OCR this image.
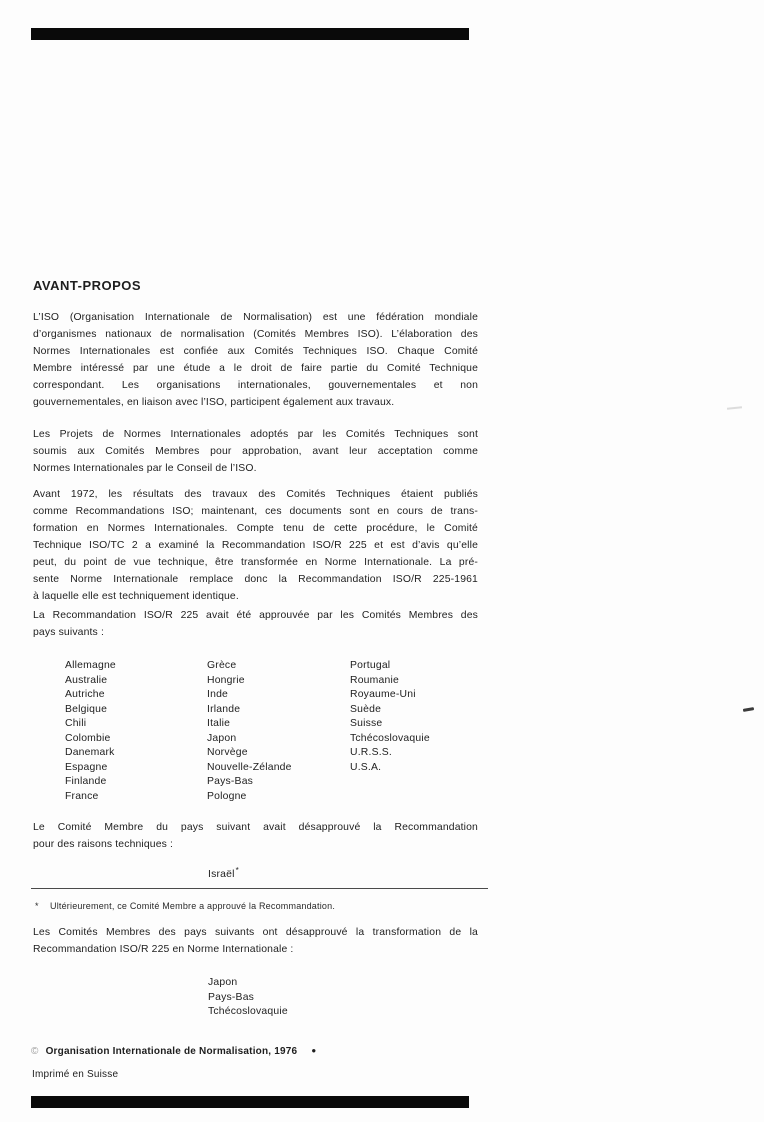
AVANT-PROPOS
L’ISO (Organisation Internationale de Normalisation) est une fédération mondiale
d’organismes nationaux de normalisation (Comités Membres ISO). L’élaboration des
Normes Internationales est confiée aux Comités Techniques ISO. Chaque Comité
Membre intéressé par une étude a le droit de faire partie du Comité Technique
correspondant. Les organisations internationales, gouvernementales et non
gouvernementales, en liaison avec l’ISO, participent également aux travaux.
Les Projets de Normes Internationales adoptés par les Comités Techniques sont
soumis aux Comités Membres pour approbation, avant leur acceptation comme
Normes Internationales par le Conseil de l’ISO.
Avant 1972, les résultats des travaux des Comités Techniques étaient publiés
comme Recommandations ISO; maintenant, ces documents sont en cours de trans-
formation en Normes Internationales. Compte tenu de cette procédure, le Comité
Technique ISO/TC 2 a examiné la Recommandation ISO/R 225 et est d’avis qu’elle
peut, du point de vue technique, être transformée en Norme Internationale. La pré-
sente Norme Internationale remplace donc la Recommandation ISO/R 225-1961
à laquelle elle est techniquement identique.
La Recommandation ISO/R 225 avait été approuvée par les Comités Membres des
pays suivants :
Allemagne
Australie
Autriche
Belgique
Chili
Colombie
Danemark
Espagne
Finlande
France
Grèce
Hongrie
Inde
Irlande
Italie
Japon
Norvège
Nouvelle-Zélande
Pays-Bas
Pologne
Portugal
Roumanie
Royaume-Uni
Suède
Suisse
Tchécoslovaquie
U.R.S.S.
U.S.A.
Le Comité Membre du pays suivant avait désapprouvé la Recommandation
pour des raisons techniques :
Israël*
* Ultérieurement, ce Comité Membre a approuvé la Recommandation.
Les Comités Membres des pays suivants ont désapprouvé la transformation de la
Recommandation ISO/R 225 en Norme Internationale :
Japon
Pays-Bas
Tchécoslovaquie
© Organisation Internationale de Normalisation, 1976 ●
Imprimé en Suisse
